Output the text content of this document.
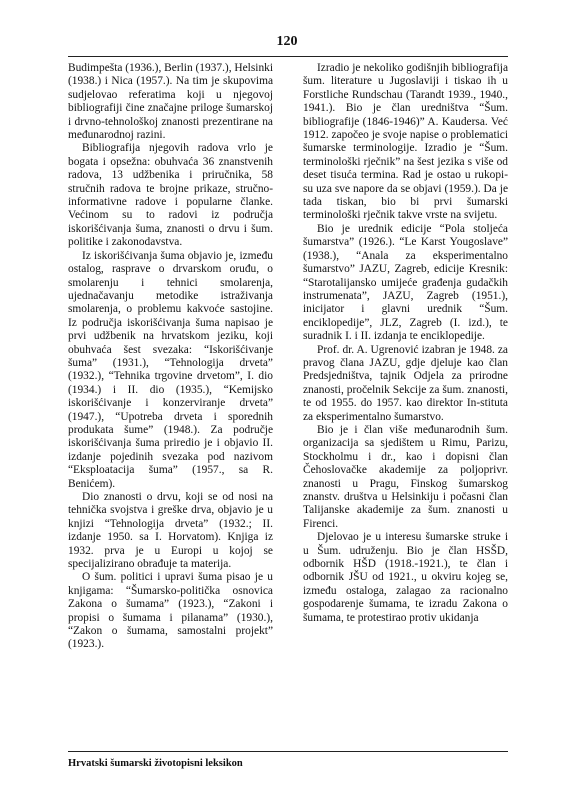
120

Budimpešta (1936.), Berlin (1937.), Helsinki (1938.) i Nica (1957.). Na tim je skupovima sudjelovao referatima koji u njegovoj bibliografiji čine značajne priloge šumarskoj i drvno-tehnološkoj znanosti prezentirane na međunarodnoj razini.

Bibliografija njegovih radova vrlo je bogata i opsežna: obuhvaća 36 znanstvenih radova, 13 udžbenika i priručnika, 58 stručnih radova te brojne prikaze, stručno-informativne radove i popularne članke. Većinom su to radovi iz područja iskorišćivanja šuma, znanosti o drvu i šum. politike i zakonodavstva.

Iz iskorišćivanja šuma objavio je, između ostalog, rasprave o drvarskom oruđu, o smolarenju i tehnici smolarenja, ujednačavanju metodike istraživanja smolarenja, o problemu kakvoće sastojine. Iz područja iskorišćivanja šuma napisao je prvi udžbenik na hrvatskom jeziku, koji obuhvaća šest svezaka: “Iskorišćivanje šuma” (1931.), “Tehnologija drveta” (1932.), “Tehnika trgovine drvetom”, I. dio (1934.) i II. dio (1935.), “Kemijsko iskorišćivanje i konzerviranje drveta” (1947.), “Upotreba drveta i sporednih produkata šume” (1948.). Za područje iskorišćivanja šuma priredio je i objavio II. izdanje pojedinih svezaka pod nazivom “Eksploatacija šuma” (1957., sa R. Benićem).

Dio znanosti o drvu, koji se od nosi na tehnička svojstva i greške drva, objavio je u knjizi “Tehnologija drveta” (1932.; II. izdanje 1950. sa I. Horvatom). Knjiga iz 1932. prva je u Europi u kojoj se specijalizirano obrađuje ta materija.

O šum. politici i upravi šuma pisao je u knjigama: “Šumarsko-politička osnovica Zakona o šumama” (1923.), “Zakoni i propisi o šumama i pilanama” (1930.), “Zakon o šumama, samostalni projekt” (1923.).

Izradio je nekoliko godišnjih bibliografija šum. literature u Jugoslaviji i tiskao ih u Forstliche Rundschau (Tarandt 1939., 1940., 1941.). Bio je član uredništva “Šum. bibliografije (1846-1946)” A. Kaudersa. Već 1912. započeo je svoje napise o problematici šumarske terminologije. Izradio je “Šum. terminološki rječnik” na šest jezika s više od deset tisuća termina. Rad je ostao u rukopi-su uza sve napore da se objavi (1959.). Da je tada tiskan, bio bi prvi šumarski terminološki rječnik takve vrste na svijetu.

Bio je urednik edicije “Pola stoljeća šumarstva” (1926.). “Le Karst Yougoslave” (1938.), “Anala za eksperimentalno šumarstvo” JAZU, Zagreb, edicije Kresnik: “Starotalijansko umijeće građenja gudačkih instrumenata”, JAZU, Zagreb (1951.), inicijator i glavni urednik “Šum. enciklopedije”, JLZ, Zagreb (I. izd.), te suradnik I. i II. izdanja te enciklopedije.

Prof. dr. A. Ugrenović izabran je 1948. za pravog člana JAZU, gdje djeluje kao član Predsjedništva, tajnik Odjela za prirodne znanosti, pročelnik Sekcije za šum. znanosti, te od 1955. do 1957. kao direktor In-stituta za eksperimentalno šumarstvo.

Bio je i član više međunarodnih šum. organizacija sa sjedištem u Rimu, Parizu, Stockholmu i dr., kao i dopisni član Čehoslovačke akademije za poljoprivr. znanosti u Pragu, Finskog šumarskog znanstv. društva u Helsinkiju i počasni član Talijanske akademije za šum. znanosti u Firenci.

Djelovao je u interesu šumarske struke i u Šum. udruženju. Bio je član HSŠD, odbornik HŠD (1918.-1921.), te član i odbornik JŠU od 1921., u okviru kojeg se, između ostaloga, zalagao za racionalno gospodarenje šumama, te izradu Zakona o šumama, te protestirao protiv ukidanja

Hrvatski šumarski životopisni leksikon
